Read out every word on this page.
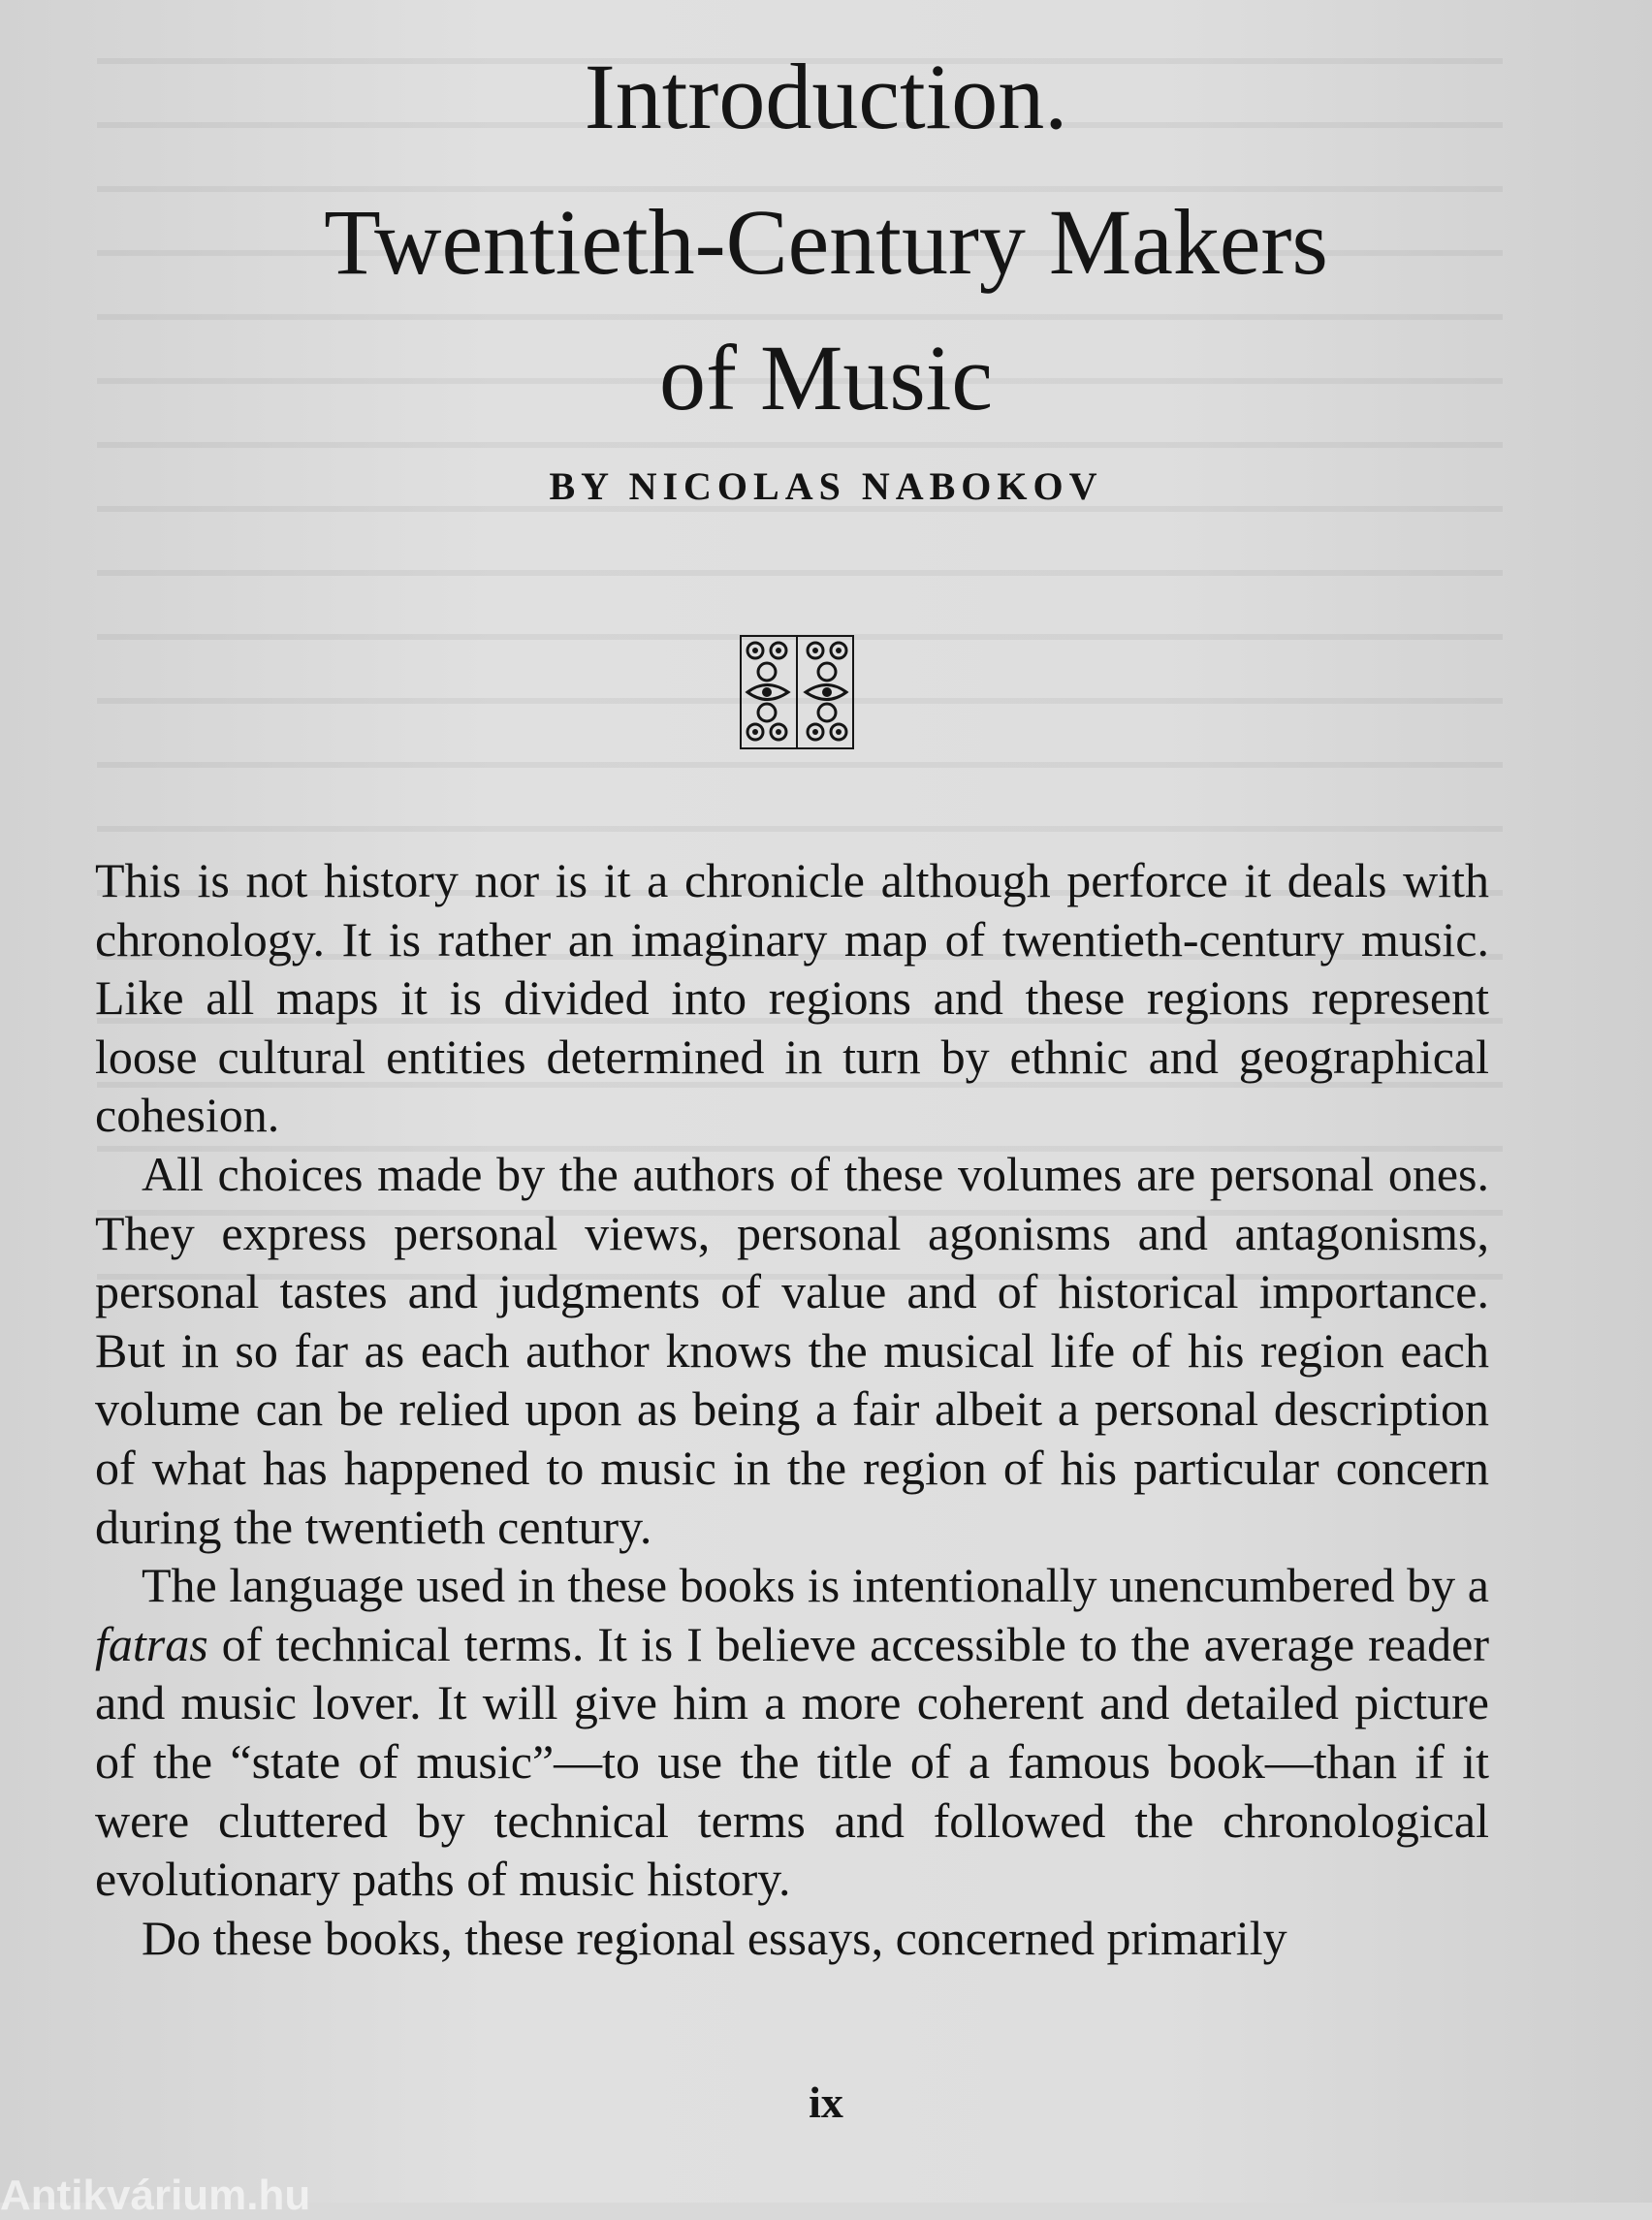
Introduction.
Twentieth-Century Makers
of Music
BY NICOLAS NABOKOV

This is not history nor is it a chronicle although perforce it deals with chronology. It is rather an imaginary map of twentieth-century music. Like all maps it is divided into regions and these regions represent loose cultural entities determined in turn by ethnic and geographical cohesion.

All choices made by the authors of these volumes are personal ones. They express personal views, personal agonisms and antagonisms, personal tastes and judgments of value and of historical importance. But in so far as each author knows the musical life of his region each volume can be relied upon as being a fair albeit a personal description of what has happened to music in the region of his particular concern during the twentieth century.

The language used in these books is intentionally unencumbered by a fatras of technical terms. It is I believe accessible to the average reader and music lover. It will give him a more coherent and detailed picture of the “state of music”—to use the title of a famous book—than if it were cluttered by technical terms and followed the chronological evolutionary paths of music history.

Do these books, these regional essays, concerned primarily

ix
Antikvárium.hu
